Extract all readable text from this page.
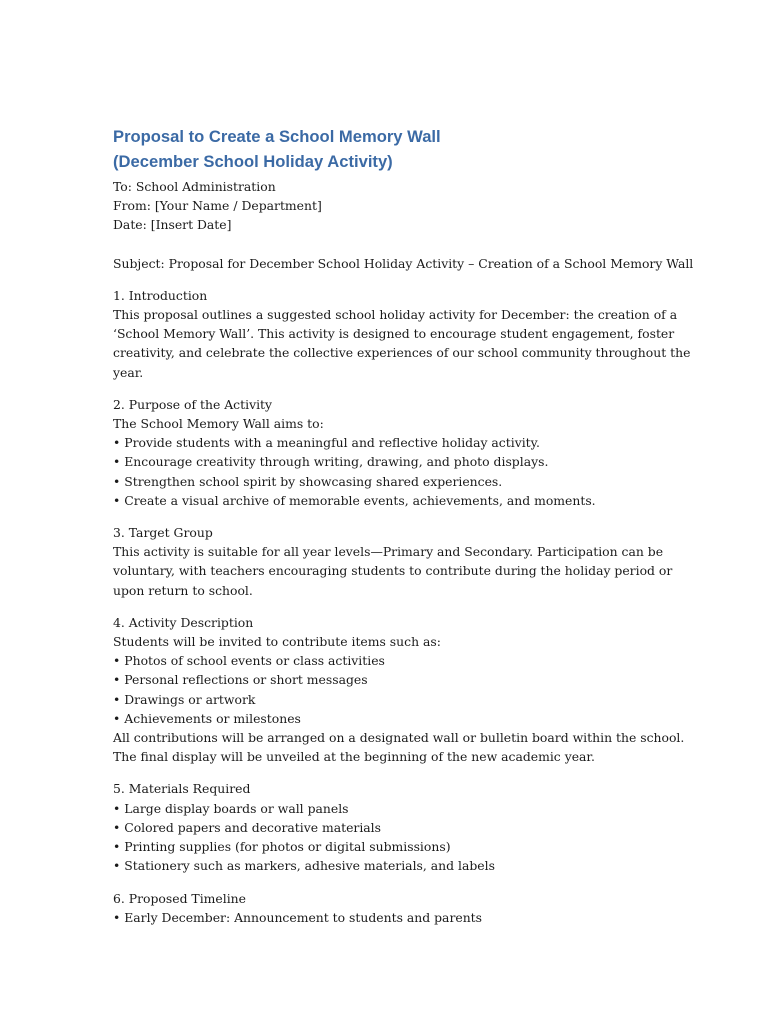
Proposal to Create a School Memory Wall
(December School Holiday Activity)
To: School Administration
From: [Your Name / Department]
Date: [Insert Date]
Subject: Proposal for December School Holiday Activity – Creation of a School Memory Wall
1. Introduction
This proposal outlines a suggested school holiday activity for December: the creation of a
‘School Memory Wall’. This activity is designed to encourage student engagement, foster
creativity, and celebrate the collective experiences of our school community throughout the
year.
2. Purpose of the Activity
The School Memory Wall aims to:
• Provide students with a meaningful and reflective holiday activity.
• Encourage creativity through writing, drawing, and photo displays.
• Strengthen school spirit by showcasing shared experiences.
• Create a visual archive of memorable events, achievements, and moments.
3. Target Group
This activity is suitable for all year levels—Primary and Secondary. Participation can be
voluntary, with teachers encouraging students to contribute during the holiday period or
upon return to school.
4. Activity Description
Students will be invited to contribute items such as:
• Photos of school events or class activities
• Personal reflections or short messages
• Drawings or artwork
• Achievements or milestones
All contributions will be arranged on a designated wall or bulletin board within the school.
The final display will be unveiled at the beginning of the new academic year.
5. Materials Required
• Large display boards or wall panels
• Colored papers and decorative materials
• Printing supplies (for photos or digital submissions)
• Stationery such as markers, adhesive materials, and labels
6. Proposed Timeline
• Early December: Announcement to students and parents
